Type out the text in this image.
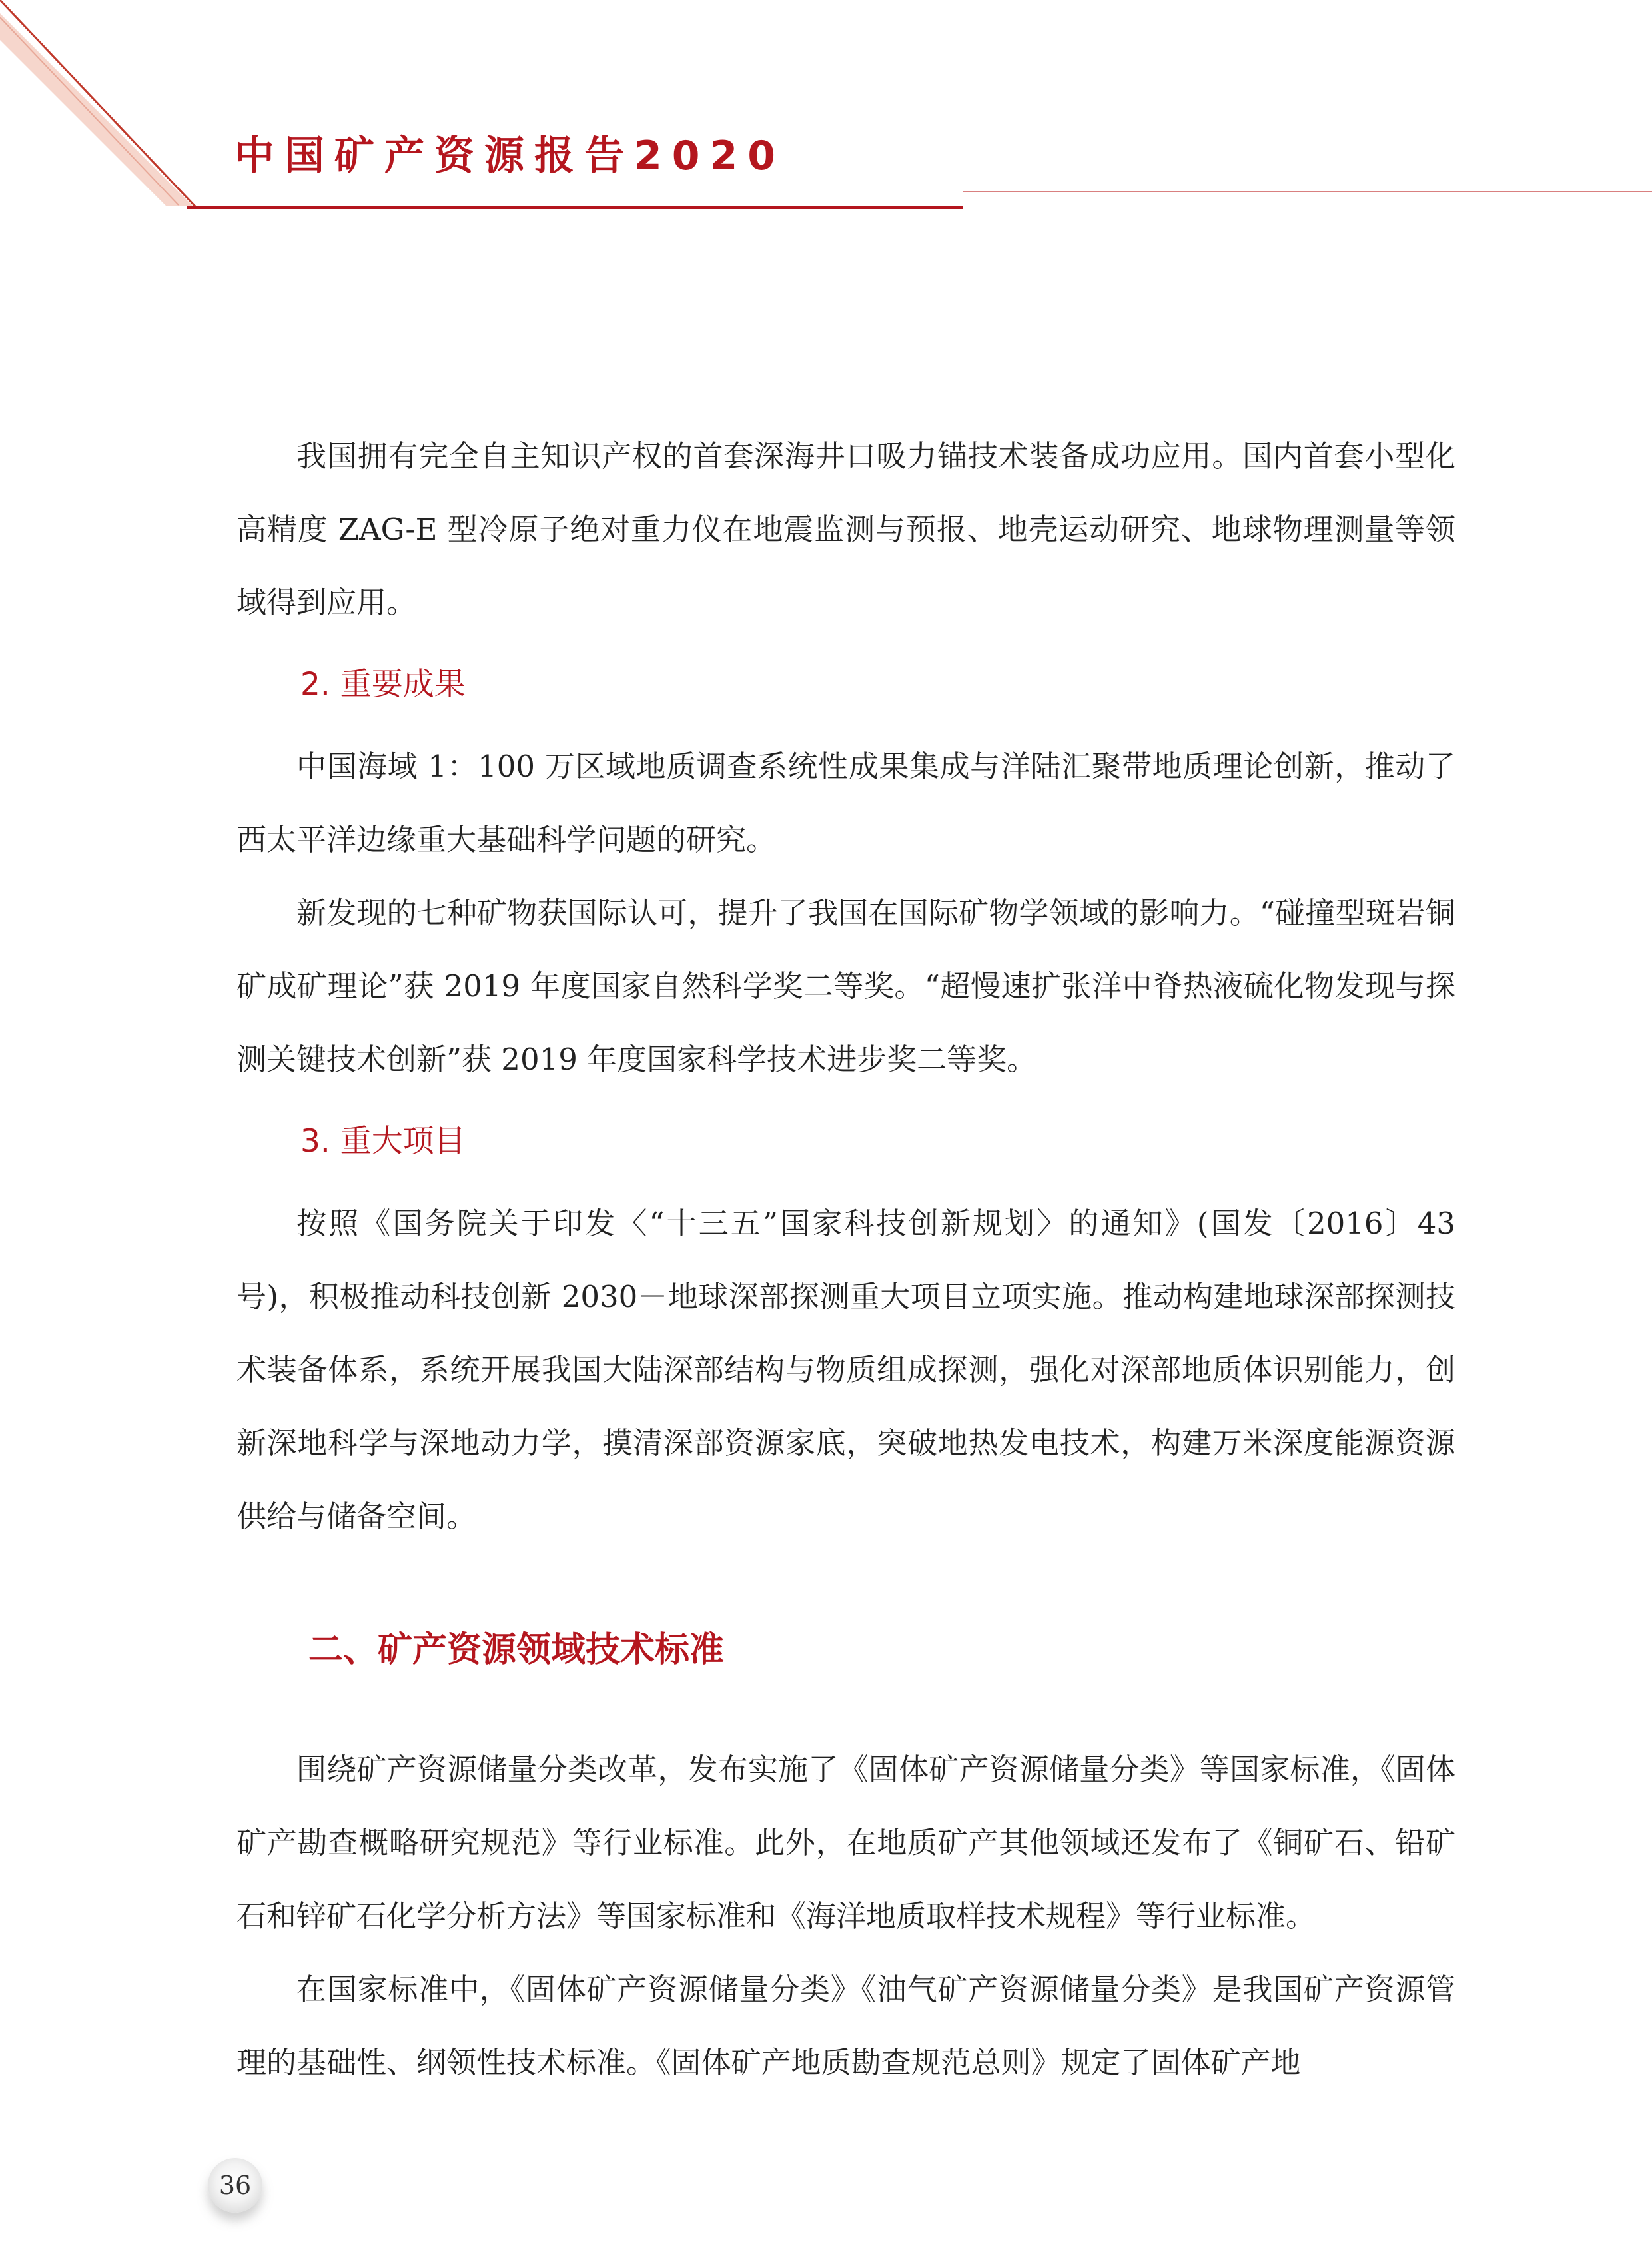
中国矿产资源报告2020

我国拥有完全自主知识产权的首套深海井口吸力锚技术装备成功应用。国内首套小型化高精度 ZAG-E 型冷原子绝对重力仪在地震监测与预报、地壳运动研究、地球物理测量等领域得到应用。

2. 重要成果

中国海域 1：100 万区域地质调查系统性成果集成与洋陆汇聚带地质理论创新，推动了西太平洋边缘重大基础科学问题的研究。

新发现的七种矿物获国际认可，提升了我国在国际矿物学领域的影响力。“碰撞型斑岩铜矿成矿理论”获 2019 年度国家自然科学奖二等奖。“超慢速扩张洋中脊热液硫化物发现与探测关键技术创新”获 2019 年度国家科学技术进步奖二等奖。

3. 重大项目

按照《国务院关于印发〈“十三五”国家科技创新规划〉的通知》(国发〔2016〕43 号)，积极推动科技创新 2030－地球深部探测重大项目立项实施。推动构建地球深部探测技术装备体系，系统开展我国大陆深部结构与物质组成探测，强化对深部地质体识别能力，创新深地科学与深地动力学，摸清深部资源家底，突破地热发电技术，构建万米深度能源资源供给与储备空间。

二、矿产资源领域技术标准

围绕矿产资源储量分类改革，发布实施了《固体矿产资源储量分类》等国家标准，《固体矿产勘查概略研究规范》等行业标准。此外，在地质矿产其他领域还发布了《铜矿石、铅矿石和锌矿石化学分析方法》等国家标准和《海洋地质取样技术规程》等行业标准。

在国家标准中，《固体矿产资源储量分类》《油气矿产资源储量分类》是我国矿产资源管理的基础性、纲领性技术标准。《固体矿产地质勘查规范总则》规定了固体矿产地

36
